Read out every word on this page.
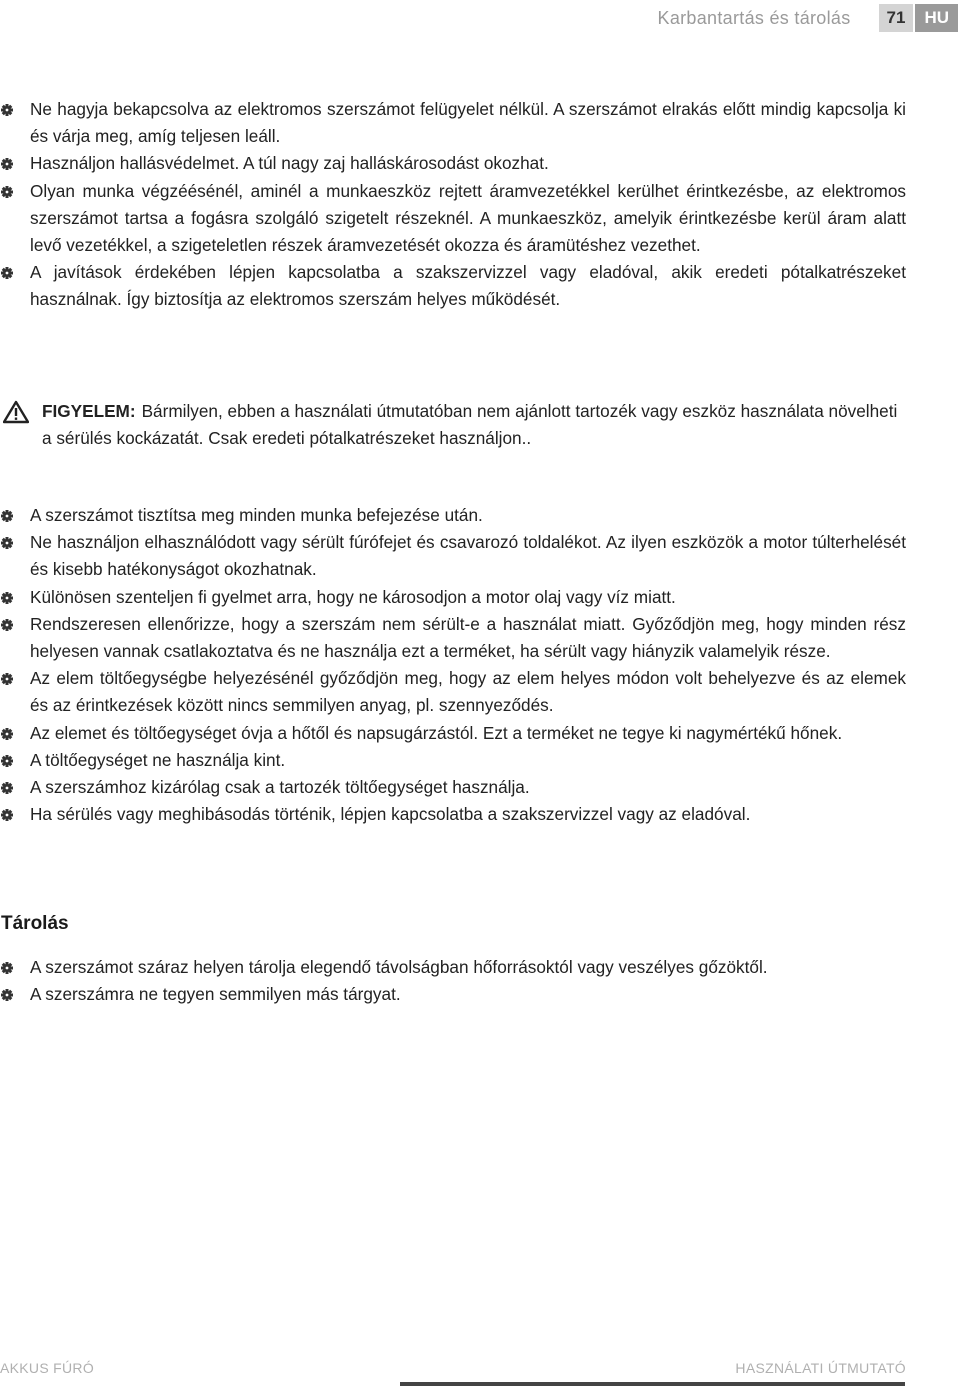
Karbantartás és tárolás	71	HU
Ne hagyja bekapcsolva az elektromos szerszámot felügyelet nélkül. A szerszámot elrakás előtt mindig kapcsolja ki és várja meg, amíg teljesen leáll.
Használjon hallásvédelmet. A túl nagy zaj halláskárosodást okozhat.
Olyan munka végzéésénél, aminél a munkaeszköz rejtett áramvezetékkel kerülhet érintkezésbe, az elektromos szerszámot tartsa a fogásra szolgáló szigetelt részeknél. A munkaeszköz, amelyik érintkezésbe kerül áram alatt levő vezetékkel, a szigeteletlen részek áramvezetését okozza és áramütéshez vezethet.
A javítások érdekében lépjen kapcsolatba a szakszervizzel vagy eladóval, akik eredeti pótalkatrészeket használnak. Így biztosítja az elektromos szerszám helyes működését.
FIGYELEM: Bármilyen, ebben a használati útmutatóban nem ajánlott tartozék vagy eszköz használata növelheti a sérülés kockázatát. Csak eredeti pótalkatrészeket használjon..
A szerszámot tisztítsa meg minden munka befejezése után.
Ne használjon elhasználódott vagy sérült fúrófejet és csavarozó toldalékot. Az ilyen eszközök a motor túlterhelését és kisebb hatékonyságot okozhatnak.
Különösen szenteljen fi gyelmet arra, hogy ne károsodjon a motor olaj vagy víz miatt.
Rendszeresen ellenőrizze, hogy a szerszám nem sérült-e a használat miatt. Győződjön meg, hogy minden rész helyesen vannak csatlakoztatva és ne használja ezt a terméket, ha sérült vagy hiányzik valamelyik része.
Az elem töltőegységbe helyezésénél győződjön meg, hogy az elem helyes módon volt behelyezve és az elemek és az érintkezések között nincs semmilyen anyag, pl. szennyeződés.
Az elemet és töltőegységet óvja a hőtől és napsugárzástól. Ezt a terméket ne tegye ki nagymértékű hőnek.
A töltőegységet ne használja kint.
A szerszámhoz kizárólag csak a tartozék töltőegységet használja.
Ha sérülés vagy meghibásodás történik, lépjen kapcsolatba a szakszervizzel vagy az eladóval.
Tárolás
A szerszámot száraz helyen tárolja elegendő távolságban hőforrásoktól vagy veszélyes gőzöktől.
A szerszámra ne tegyen semmilyen más tárgyat.
AKKUS FÚRÓ	HASZNÁLATI ÚTMUTATÓ
